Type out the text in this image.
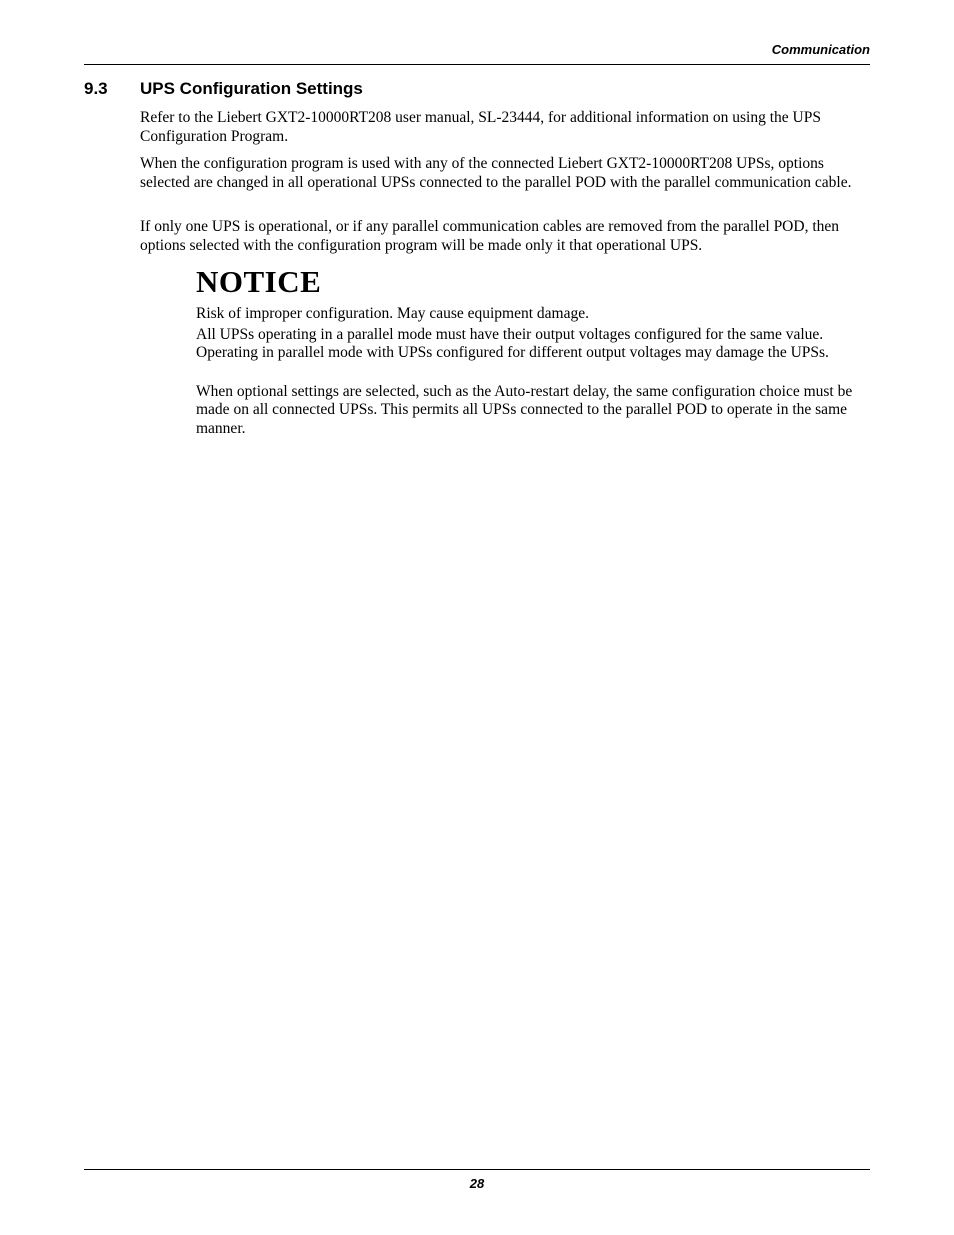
Communication
9.3 UPS Configuration Settings

Refer to the Liebert GXT2-10000RT208 user manual, SL-23444, for additional information on using the UPS Configuration Program.

When the configuration program is used with any of the connected Liebert GXT2-10000RT208 UPSs, options selected are changed in all operational UPSs connected to the parallel POD with the parallel communication cable.

If only one UPS is operational, or if any parallel communication cables are removed from the parallel POD, then options selected with the configuration program will be made only it that operational UPS.

NOTICE

Risk of improper configuration. May cause equipment damage.

All UPSs operating in a parallel mode must have their output voltages configured for the same value. Operating in parallel mode with UPSs configured for different output voltages may damage the UPSs.

When optional settings are selected, such as the Auto-restart delay, the same configuration choice must be made on all connected UPSs. This permits all UPSs connected to the parallel POD to operate in the same manner.

28
